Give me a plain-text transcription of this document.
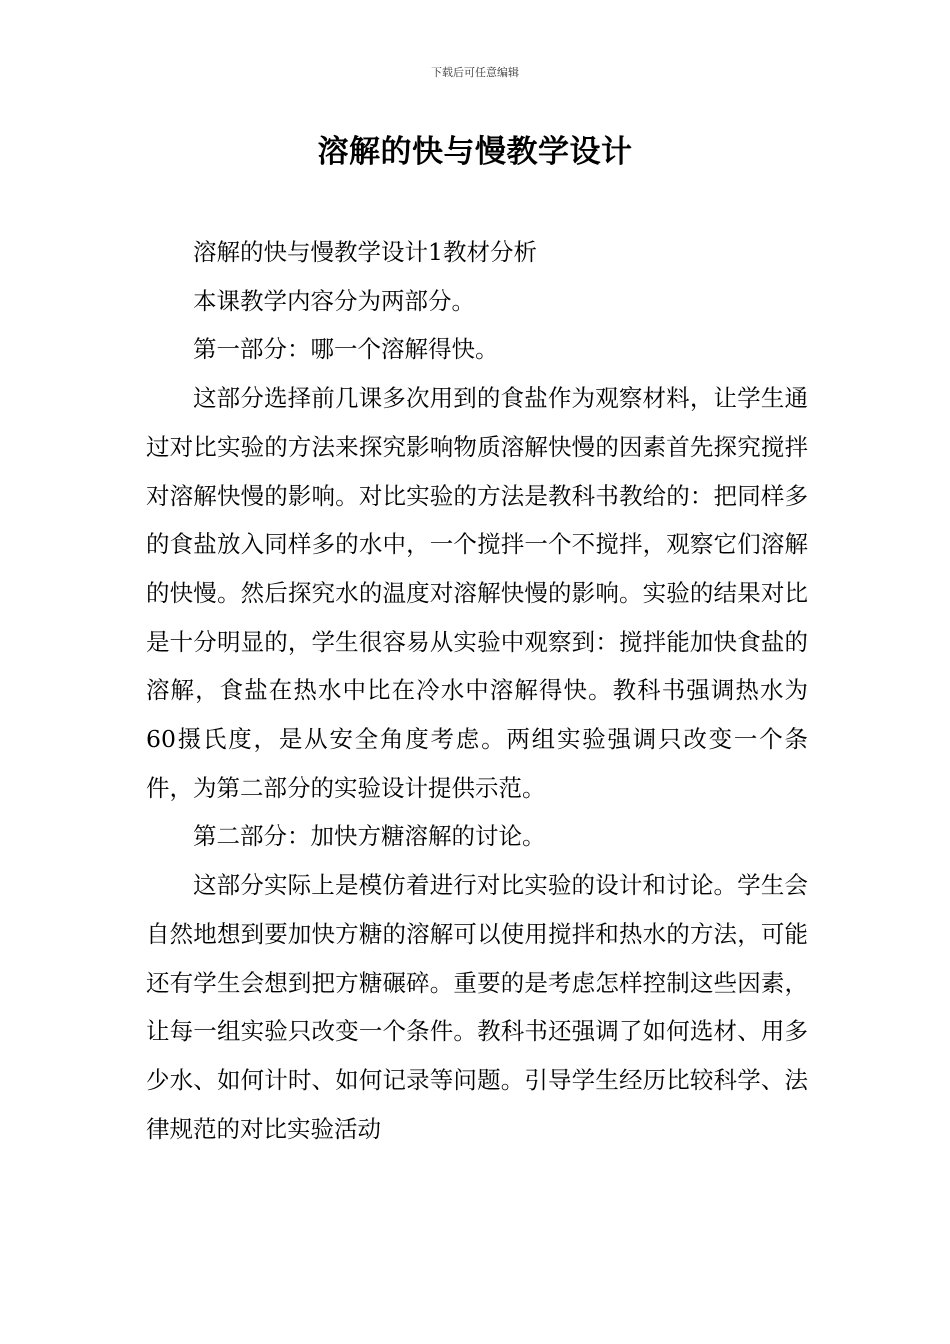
下载后可任意编辑
溶解的快与慢教学设计

溶解的快与慢教学设计1教材分析

本课教学内容分为两部分。

第一部分：哪一个溶解得快。

这部分选择前几课多次用到的食盐作为观察材料，让学生通过对比实验的方法来探究影响物质溶解快慢的因素首先探究搅拌对溶解快慢的影响。对比实验的方法是教科书教给的：把同样多的食盐放入同样多的水中，一个搅拌一个不搅拌，观察它们溶解的快慢。然后探究水的温度对溶解快慢的影响。实验的结果对比是十分明显的，学生很容易从实验中观察到：搅拌能加快食盐的溶解，食盐在热水中比在冷水中溶解得快。教科书强调热水为60摄氏度，是从安全角度考虑。两组实验强调只改变一个条件，为第二部分的实验设计提供示范。

第二部分：加快方糖溶解的讨论。

这部分实际上是模仿着进行对比实验的设计和讨论。学生会自然地想到要加快方糖的溶解可以使用搅拌和热水的方法，可能还有学生会想到把方糖碾碎。重要的是考虑怎样控制这些因素，让每一组实验只改变一个条件。教科书还强调了如何选材、用多少水、如何计时、如何记录等问题。引导学生经历比较科学、法律规范的对比实验活动
